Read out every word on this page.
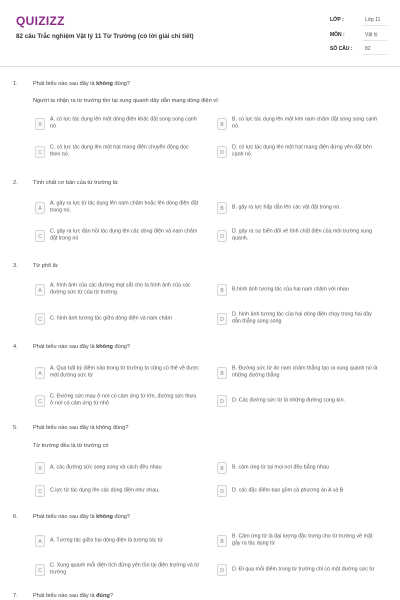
QUIZIZZ
82 câu Trắc nghiệm Vật lý 11 Từ Trường (có lời giải chi tiết)
LỚP :	Lớp 11
MÔN :	Vật lý
SỐ CÂU :	82
1.	Phát biểu nào sau đây là không đúng?
Người ta nhận ra từ trường tồn tại xung quanh dây dẫn mang dòng điện vì:
A
A. có lực tác dụng lên một dòng điện khác đặt song song cạnh nó	B
B. có lực tác dụng lên một kim nam châm đặt song song cạnh nó.
C
C. có lực tác dụng lên một hạt mang điện chuyển động dọc theo nó.	D
D. có lực tác dụng lên một hạt mang điện đứng yên đặt bên cạnh nó.
2.	Tính chất cơ bản của từ trường là:
A
A. gây ra lực từ tác dụng lên nam châm hoặc lên dòng điện đặt trong nó.	B	B. gây ra lực hấp dẫn lên các vật đặt trong nó.
C
C. gây ra lực đàn hồi tác dụng lên các dòng điện và nam châm đặt trong nó	D
D. gây ra sự biến đổi về tính chất điện của môi trường xung quanh.
3.	Từ phổ là:
A
A. hình ảnh của các đường mạt sắt cho ta hình ảnh của các đường sức từ của từ trường.	B	B.hình ảnh tương tác của hai nam châm với nhau
C	C. hình ảnh tương tác giữa dòng điện và nam châm	D
D. hình ảnh tương tác của hai dòng điện chạy trong hai dây dẫn thẳng song song
4.	Phát biểu nào sau đây là không đúng?
A
A. Qua bất kỳ điểm nào trong từ trường ta cũng có thể vẽ được một đường sức từ	B
B. Đường sức từ do nam châm thẳng tạo ra xung quanh nó là những đường thẳng
C
C. Đường sức mau ở nơi có cảm ứng từ lớn, đường sức thưa ở nơi có cảm ứng từ nhỏ	D	D. Các đường sức từ là những đường cong kín.
5.	Phát biểu nào sau đây là không đúng?
Từ trường đều là từ trường có
A	A. các đường sức song song và cách đều nhau	B	B. cảm ứng từ tại mọi nơi đều bằng nhau
C	C.lực từ tác dụng lên các dòng điện như nhau.	D	D. các đặc điểm bao gồm cả phương án A và B
6.	Phát biểu nào sau đây là không đúng?
A	A. Tương tác giữa hai dòng điện là tương tác từ	B
B. Cảm ứng từ là đại lượng đặc trưng cho từ trường về mặt gây ra tác dụng từ
C
C. Xung quanh mỗi điện tích đứng yên tồn tại điện trường và từ trường	D	D. Đi qua mỗi điểm trong từ trường chỉ có một đường sức từ
7.	Phát biểu nào sau đây là đúng?
